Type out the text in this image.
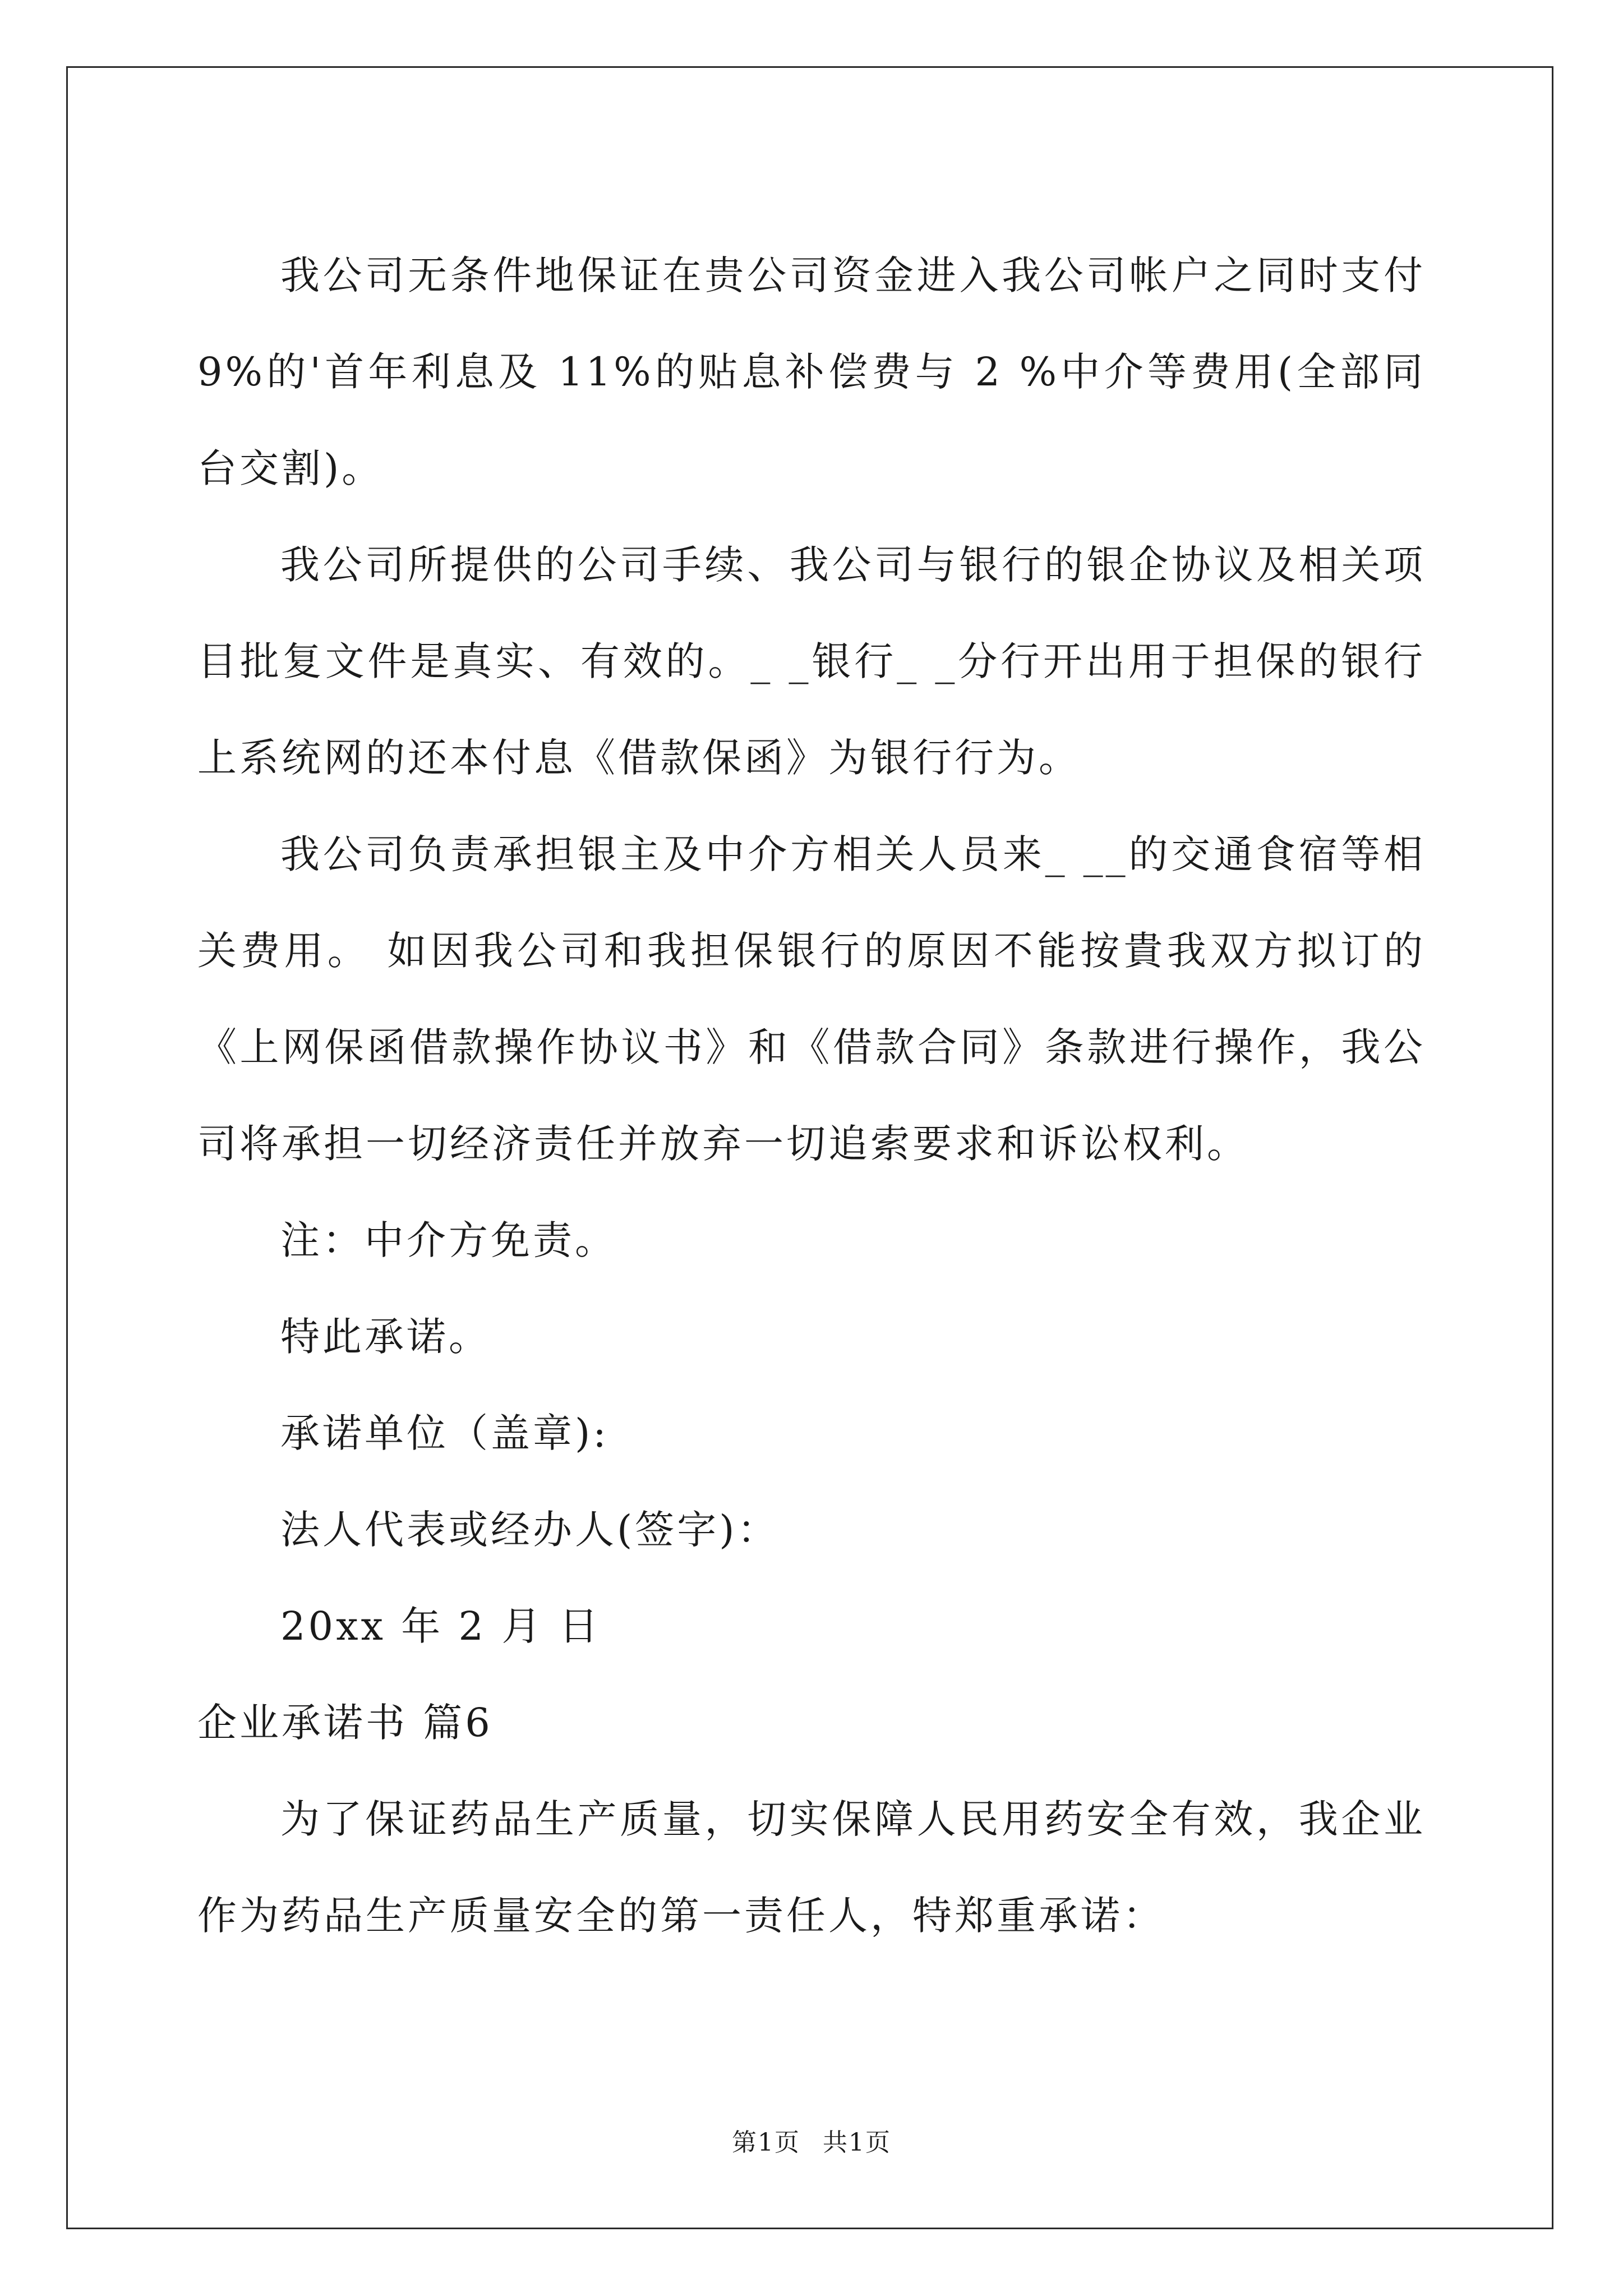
我公司无条件地保证在贵公司资金进入我公司帐户之同时支付9%的'首年利息及 11%的贴息补偿费与 2 %中介等费用(全部同台交割)。

我公司所提供的公司手续、我公司与银行的银企协议及相关项目批复文件是真实、有效的。_ _银行_ _分行开出用于担保的银行上系统网的还本付息《借款保函》为银行行为。

我公司负责承担银主及中介方相关人员来_ __的交通食宿等相关费用。 如因我公司和我担保银行的原因不能按貴我双方拟订的《上网保函借款操作协议书》和《借款合同》条款进行操作，我公司将承担一切经济责任并放弃一切追索要求和诉讼权利。

注：中介方免责。

特此承诺。

承诺单位（盖章):

法人代表或经办人(签字)：

20xx 年 2 月 日

企业承诺书 篇6

为了保证药品生产质量，切实保障人民用药安全有效，我企业作为药品生产质量安全的第一责任人，特郑重承诺：

第1页 共1页
